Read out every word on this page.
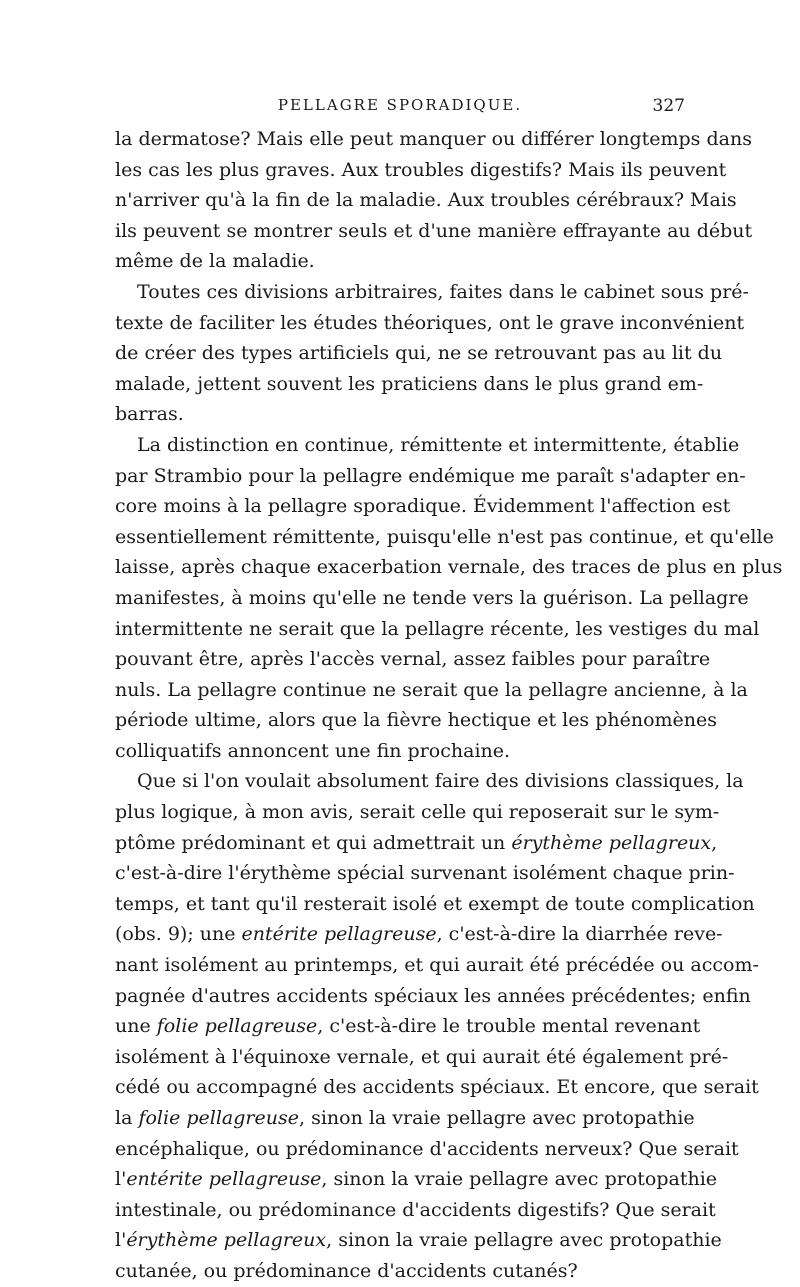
PELLAGRE SPORADIQUE.	327
la dermatose? Mais elle peut manquer ou différer longtemps dans
les cas les plus graves. Aux troubles digestifs? Mais ils peuvent
n'arriver qu'à la fin de la maladie. Aux troubles cérébraux? Mais
ils peuvent se montrer seuls et d'une manière effrayante au début
même de la maladie.
Toutes ces divisions arbitraires, faites dans le cabinet sous pré-
texte de faciliter les études théoriques, ont le grave inconvénient
de créer des types artificiels qui, ne se retrouvant pas au lit du
malade, jettent souvent les praticiens dans le plus grand em-
barras.
La distinction en continue, rémittente et intermittente, établie
par Strambio pour la pellagre endémique me paraît s'adapter en-
core moins à la pellagre sporadique. Évidemment l'affection est
essentiellement rémittente, puisqu'elle n'est pas continue, et qu'elle
laisse, après chaque exacerbation vernale, des traces de plus en plus
manifestes, à moins qu'elle ne tende vers la guérison. La pellagre
intermittente ne serait que la pellagre récente, les vestiges du mal
pouvant être, après l'accès vernal, assez faibles pour paraître
nuls. La pellagre continue ne serait que la pellagre ancienne, à la
période ultime, alors que la fièvre hectique et les phénomènes
colliquatifs annoncent une fin prochaine.
Que si l'on voulait absolument faire des divisions classiques, la
plus logique, à mon avis, serait celle qui reposerait sur le sym-
ptôme prédominant et qui admettrait un érythème pellagreux,
c'est-à-dire l'érythème spécial survenant isolément chaque prin-
temps, et tant qu'il resterait isolé et exempt de toute complication
(obs. 9); une entérite pellagreuse, c'est-à-dire la diarrhée reve-
nant isolément au printemps, et qui aurait été précédée ou accom-
pagnée d'autres accidents spéciaux les années précédentes; enfin
une folie pellagreuse, c'est-à-dire le trouble mental revenant
isolément à l'équinoxe vernale, et qui aurait été également pré-
cédé ou accompagné des accidents spéciaux. Et encore, que serait
la folie pellagreuse, sinon la vraie pellagre avec protopathie
encéphalique, ou prédominance d'accidents nerveux? Que serait
l'entérite pellagreuse, sinon la vraie pellagre avec protopathie
intestinale, ou prédominance d'accidents digestifs? Que serait
l'érythème pellagreux, sinon la vraie pellagre avec protopathie
cutanée, ou prédominance d'accidents cutanés?
